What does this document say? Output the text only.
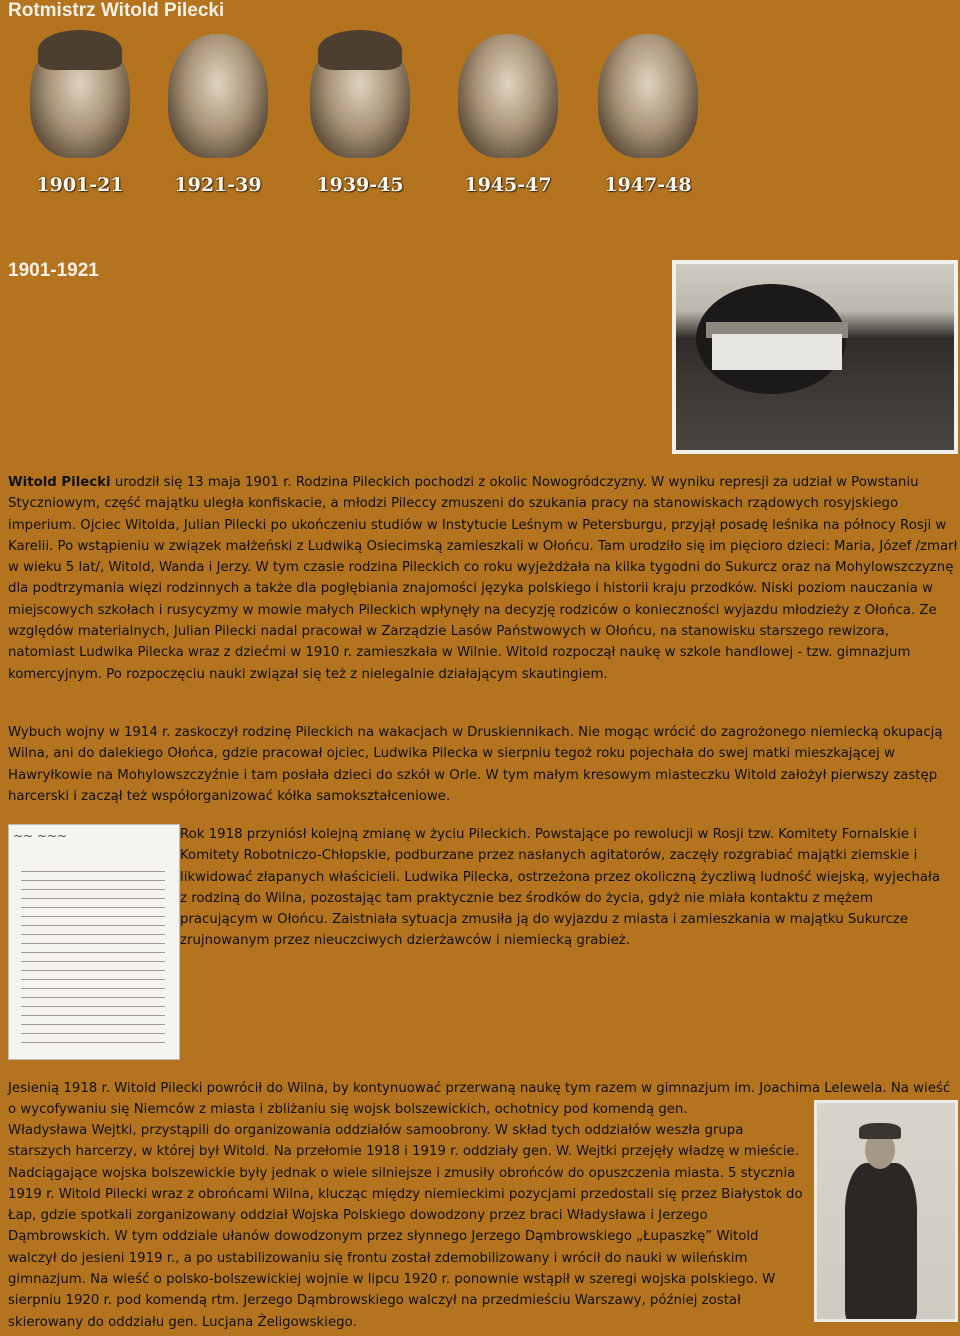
Rotmistrz Witold Pilecki
1901-21	1921-39	1939-45	1945-47	1947-48
1901-1921

Witold Pilecki urodził się 13 maja 1901 r. Rodzina Pileckich pochodzi z okolic Nowogródczyzny. W wyniku represji za udział w Powstaniu Styczniowym, część majątku uległa konfiskacie, a młodzi Pileccy zmuszeni do szukania pracy na stanowiskach rządowych rosyjskiego imperium. Ojciec Witolda, Julian Pilecki po ukończeniu studiów w Instytucie Leśnym w Petersburgu, przyjął posadę leśnika na północy Rosji w Karelii. Po wstąpieniu w związek małżeński z Ludwiką Osiecimską zamieszkali w Ołońcu. Tam urodziło się im pięcioro dzieci: Maria, Józef /zmarł w wieku 5 lat/, Witold, Wanda i Jerzy. W tym czasie rodzina Pileckich co roku wyjeżdżała na kilka tygodni do Sukurcz oraz na Mohylowszczyznę dla podtrzymania więzi rodzinnych a także dla pogłębiania znajomości języka polskiego i historii kraju przodków. Niski poziom nauczania w miejscowych szkołach i rusycyzmy w mowie małych Pileckich wpłynęły na decyzję rodziców o konieczności wyjazdu młodzieży z Ołońca. Ze względów materialnych, Julian Pilecki nadal pracował w Zarządzie Lasów Państwowych w Ołońcu, na stanowisku starszego rewizora, natomiast Ludwika Pilecka wraz z dziećmi w 1910 r. zamieszkała w Wilnie. Witold rozpoczął naukę w szkole handlowej - tzw. gimnazjum komercyjnym. Po rozpoczęciu nauki związał się też z nielegalnie działającym skautingiem.

Wybuch wojny w 1914 r. zaskoczył rodzinę Pileckich na wakacjach w Druskiennikach. Nie mogąc wrócić do zagrożonego niemiecką okupacją Wilna, ani do dalekiego Ołońca, gdzie pracował ojciec, Ludwika Pilecka w sierpniu tegoż roku pojechała do swej matki mieszkającej w Hawryłkowie na Mohylowszczyźnie i tam posłała dzieci do szkół w Orle. W tym małym kresowym miasteczku Witold założył pierwszy zastęp harcerski i zaczął też współorganizować kółka samokształceniowe.

~~ ~~~	Rok 1918 przyniósł kolejną zmianę w życiu Pileckich. Powstające po rewolucji w Rosji tzw. Komitety Fornalskie i Komitety Robotniczo-Chłopskie, podburzane przez nasłanych agitatorów, zaczęły rozgrabiać majątki ziemskie i likwidować złapanych właścicieli. Ludwika Pilecka, ostrzeżona przez okoliczną życzliwą ludność wiejską, wyjechała z rodziną do Wilna, pozostając tam praktycznie bez środków do życia, gdyż nie miała kontaktu z mężem pracującym w Ołońcu. Zaistniała sytuacja zmusiła ją do wyjazdu z miasta i zamieszkania w majątku Sukurcze zrujnowanym przez nieuczciwych dzierżawców i niemiecką grabież.

Jesienią 1918 r. Witold Pilecki powrócił do Wilna, by kontynuować przerwaną naukę tym razem w gimnazjum im. Joachima Lelewela. Na wieść o wycofywaniu się Niemców z miasta i zbliżaniu się wojsk bolszewickich, ochotnicy pod komendą gen.

Władysława Wejtki, przystąpili do organizowania oddziałów samoobrony. W skład tych oddziałów weszła grupa starszych harcerzy, w której był Witold. Na przełomie 1918 i 1919 r. oddziały gen. W. Wejtki przejęły władzę w mieście. Nadciągające wojska bolszewickie były jednak o wiele silniejsze i zmusiły obrońców do opuszczenia miasta. 5 stycznia 1919 r. Witold Pilecki wraz z obrońcami Wilna, klucząc między niemieckimi pozycjami przedostali się przez Białystok do Łap, gdzie spotkali zorganizowany oddział Wojska Polskiego dowodzony przez braci Władysława i Jerzego Dąmbrowskich. W tym oddziale ułanów dowodzonym przez słynnego Jerzego Dąmbrowskiego „Łupaszkę” Witold walczył do jesieni 1919 r., a po ustabilizowaniu się frontu został zdemobilizowany i wrócił do nauki w wileńskim gimnazjum. Na wieść o polsko-bolszewickiej wojnie w lipcu 1920 r. ponownie wstąpił w szeregi wojska polskiego. W sierpniu 1920 r. pod komendą rtm. Jerzego Dąmbrowskiego walczył na przedmieściu Warszawy, później został skierowany do oddziału gen. Lucjana Żeligowskiego.
